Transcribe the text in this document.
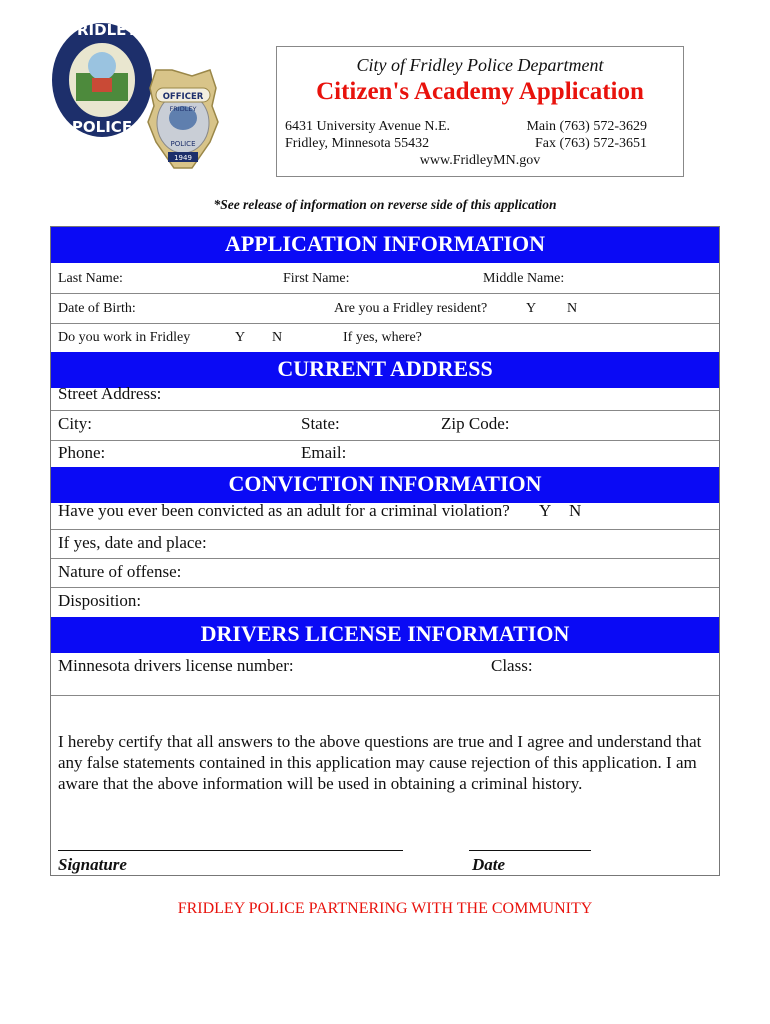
FRIDLEY
POLICE
OFFICER
FRIDLEY
POLICE
1949
City of Fridley Police Department
Citizen's Academy Application
6431 University Avenue N.E.
Fridley, Minnesota 55432
Main (763) 572-3629
Fax (763) 572-3651
www.FridleyMN.gov
*See release of information on reverse side of this application
APPLICATION INFORMATION
Last Name:	First Name:	Middle Name:
Date of Birth:	Are you a Fridley resident?	Y N
Do you work in Fridley	Y N	If yes, where?
CURRENT ADDRESS
Street Address:
City:	State:	Zip Code:
Phone:	Email:
CONVICTION INFORMATION
Have you ever been convicted as an adult for a criminal violation? Y N
If yes, date and place:
Nature of offense:
Disposition:
DRIVERS LICENSE INFORMATION
Minnesota drivers license number:	Class:
I hereby certify that all answers to the above questions are true and I agree and understand that any false statements contained in this application may cause rejection of this application. I am aware that the above information will be used in obtaining a criminal history.
Signature	Date
FRIDLEY POLICE PARTNERING WITH THE COMMUNITY
